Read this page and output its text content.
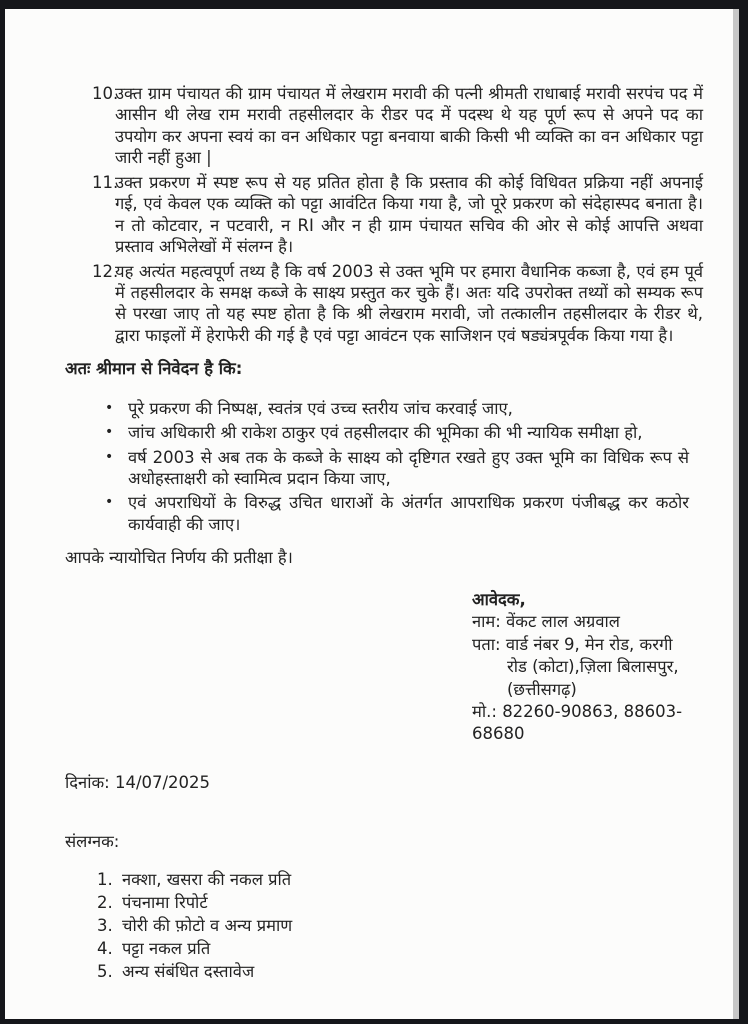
10.
उक्त ग्राम पंचायत की ग्राम पंचायत में लेखराम मरावी की पत्नी श्रीमती राधाबाई मरावी सरपंच पद में आसीन थी लेख राम मरावी तहसीलदार के रीडर पद में पदस्थ थे यह पूर्ण रूप से अपने पद का उपयोग कर अपना स्वयं का वन अधिकार पट्टा बनवाया बाकी किसी भी व्यक्ति का वन अधिकार पट्टा जारी नहीं हुआ |
11.
उक्त प्रकरण में स्पष्ट रूप से यह प्रतित होता है कि प्रस्ताव की कोई विधिवत प्रक्रिया नहीं अपनाई गई, एवं केवल एक व्यक्ति को पट्टा आवंटित किया गया है, जो पूरे प्रकरण को संदेहास्पद बनाता है। न तो कोटवार, न पटवारी, न RI और न ही ग्राम पंचायत सचिव की ओर से कोई आपत्ति अथवा प्रस्ताव अभिलेखों में संलग्न है।
12.
यह अत्यंत महत्वपूर्ण तथ्य है कि वर्ष 2003 से उक्त भूमि पर हमारा वैधानिक कब्जा है, एवं हम पूर्व में तहसीलदार के समक्ष कब्जे के साक्ष्य प्रस्तुत कर चुके हैं। अतः यदि उपरोक्त तथ्यों को सम्यक रूप से परखा जाए तो यह स्पष्ट होता है कि श्री लेखराम मरावी, जो तत्कालीन तहसीलदार के रीडर थे, द्वारा फाइलों में हेराफेरी की गई है एवं पट्टा आवंटन एक साजिशन एवं षड्यंत्रपूर्वक किया गया है।
अतः श्रीमान से निवेदन है कि:
• पूरे प्रकरण की निष्पक्ष, स्वतंत्र एवं उच्च स्तरीय जांच करवाई जाए,
• जांच अधिकारी श्री राकेश ठाकुर एवं तहसीलदार की भूमिका की भी न्यायिक समीक्षा हो,
• वर्ष 2003 से अब तक के कब्जे के साक्ष्य को दृष्टिगत रखते हुए उक्त भूमि का विधिक रूप से अधोहस्ताक्षरी को स्वामित्व प्रदान किया जाए,
• एवं अपराधियों के विरुद्ध उचित धाराओं के अंतर्गत आपराधिक प्रकरण पंजीबद्ध कर कठोर कार्यवाही की जाए।
आपके न्यायोचित निर्णय की प्रतीक्षा है।
आवेदक,
नाम: वेंकट लाल अग्रवाल
पता: वार्ड नंबर 9, मेन रोड, करगी
रोड (कोटा),ज़िला बिलासपुर,
(छत्तीसगढ़)
मो.: 82260-90863, 88603-68680
दिनांक: 14/07/2025
संलग्नक:
1. नक्शा, खसरा की नकल प्रति
2. पंचनामा रिपोर्ट
3. चोरी की फ़ोटो व अन्य प्रमाण
4. पट्टा नकल प्रति
5. अन्य संबंधित दस्तावेज
